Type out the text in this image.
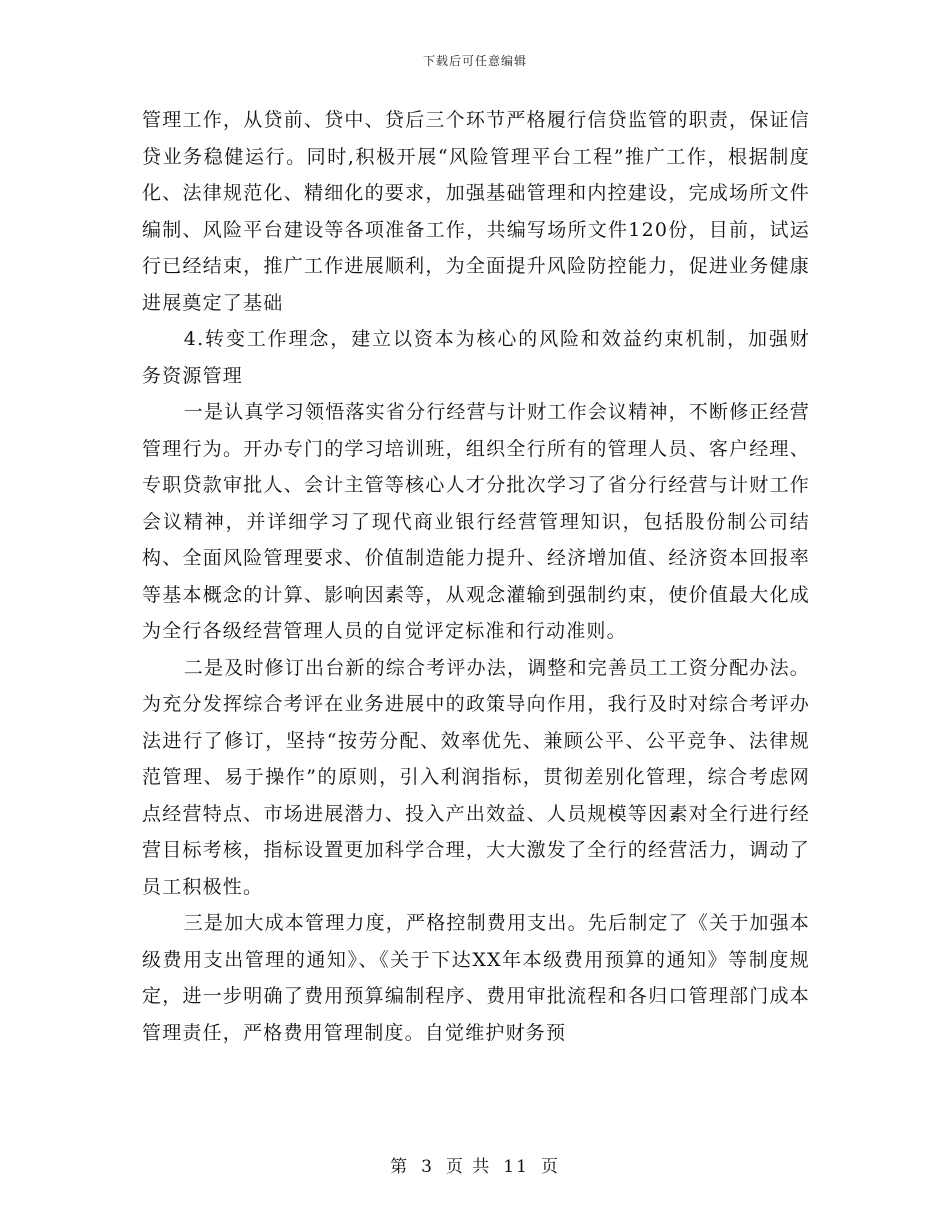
下载后可任意编辑

管理工作，从贷前、贷中、贷后三个环节严格履行信贷监管的职责，保证信贷业务稳健运行。同时,积极开展“风险管理平台工程”推广工作，根据制度化、法律规范化、精细化的要求，加强基础管理和内控建设，完成场所文件编制、风险平台建设等各项准备工作，共编写场所文件120份，目前，试运行已经结束，推广工作进展顺利，为全面提升风险防控能力，促进业务健康进展奠定了基础

4.转变工作理念，建立以资本为核心的风险和效益约束机制，加强财务资源管理

一是认真学习领悟落实省分行经营与计财工作会议精神，不断修正经营管理行为。开办专门的学习培训班，组织全行所有的管理人员、客户经理、专职贷款审批人、会计主管等核心人才分批次学习了省分行经营与计财工作会议精神，并详细学习了现代商业银行经营管理知识，包括股份制公司结构、全面风险管理要求、价值制造能力提升、经济增加值、经济资本回报率等基本概念的计算、影响因素等，从观念灌输到强制约束，使价值最大化成为全行各级经营管理人员的自觉评定标准和行动准则。

二是及时修订出台新的综合考评办法，调整和完善员工工资分配办法。为充分发挥综合考评在业务进展中的政策导向作用，我行及时对综合考评办法进行了修订，坚持“按劳分配、效率优先、兼顾公平、公平竞争、法律规范管理、易于操作”的原则，引入利润指标，贯彻差别化管理，综合考虑网点经营特点、市场进展潜力、投入产出效益、人员规模等因素对全行进行经营目标考核，指标设置更加科学合理，大大激发了全行的经营活力，调动了员工积极性。

三是加大成本管理力度，严格控制费用支出。先后制定了《关于加强本级费用支出管理的通知》、《关于下达XX年本级费用预算的通知》等制度规定，进一步明确了费用预算编制程序、费用审批流程和各归口管理部门成本管理责任，严格费用管理制度。自觉维护财务预

第 3 页 共 11 页
